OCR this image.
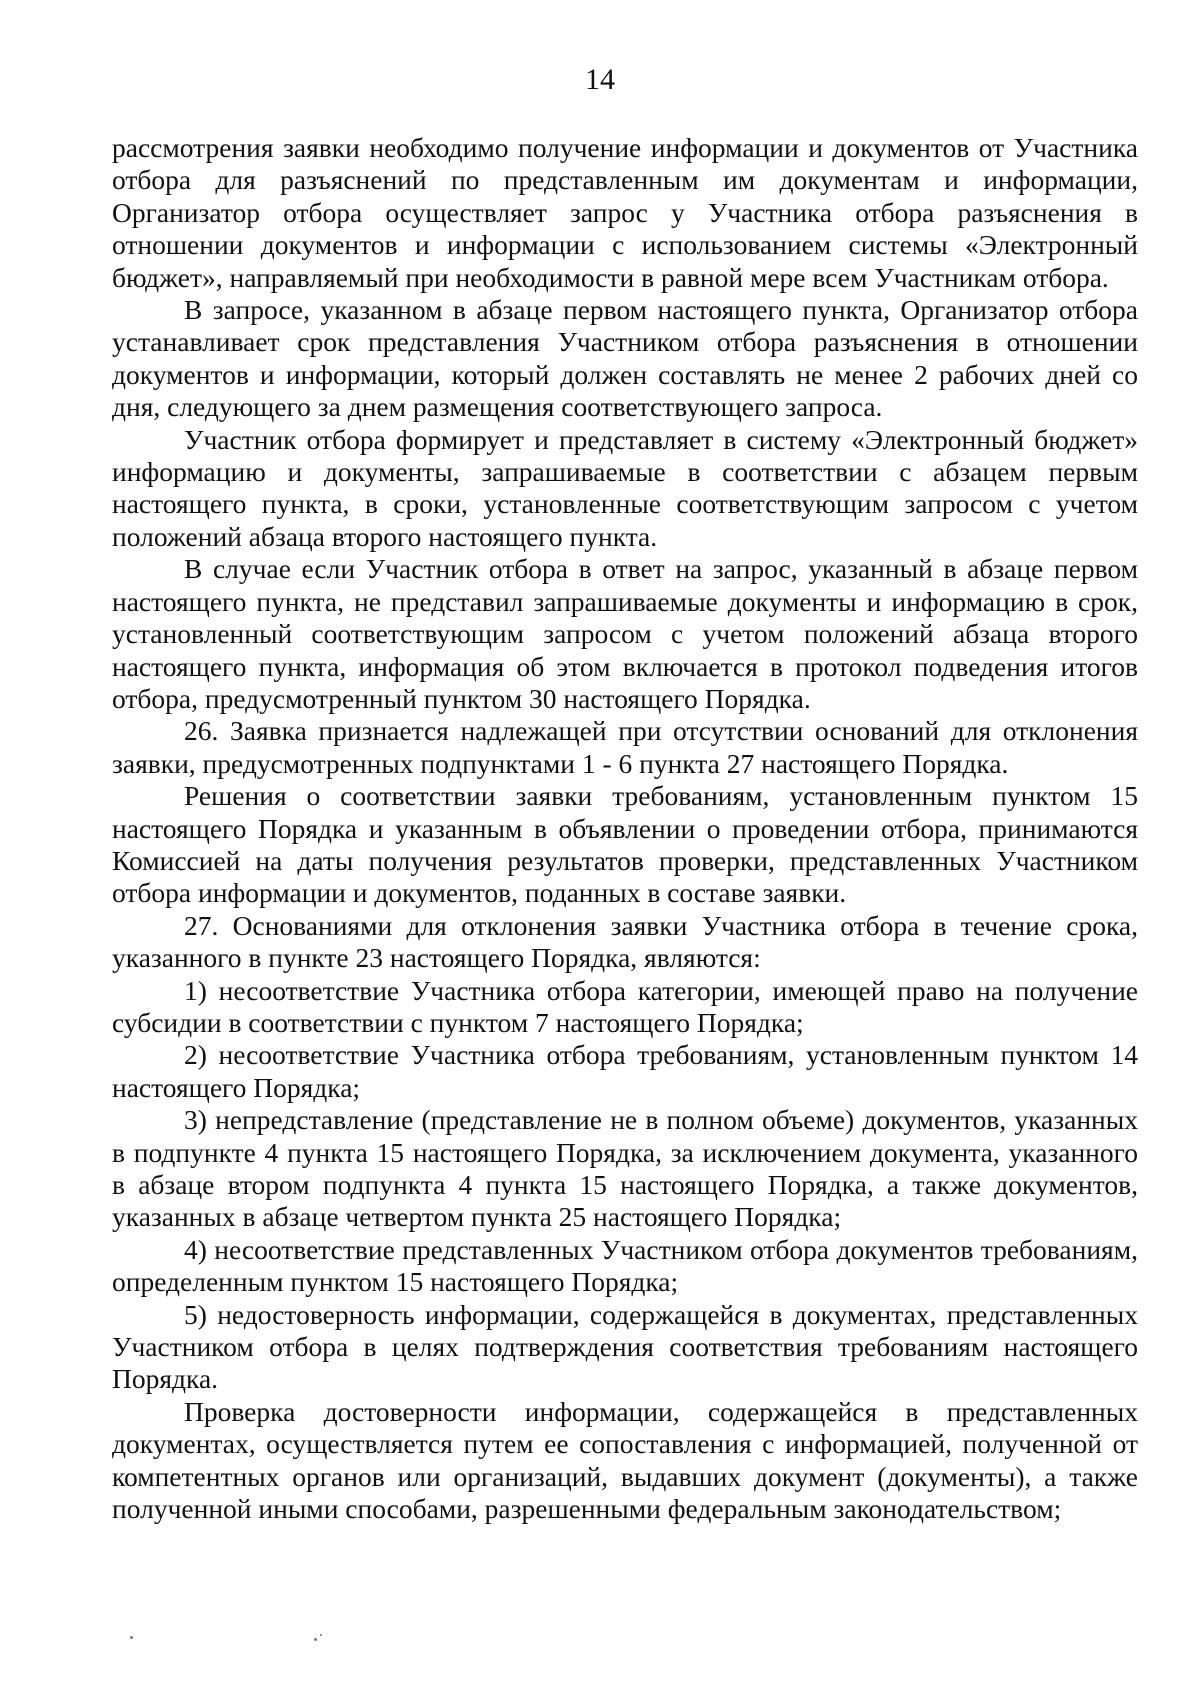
14

рассмотрения заявки необходимо получение информации и документов от Участника отбора для разъяснений по представленным им документам и информации, Организатор отбора осуществляет запрос у Участника отбора разъяснения в отношении документов и информации с использованием системы «Электронный бюджет», направляемый при необходимости в равной мере всем Участникам отбора.

В запросе, указанном в абзаце первом настоящего пункта, Организатор отбора устанавливает срок представления Участником отбора разъяснения в отношении документов и информации, который должен составлять не менее 2 рабочих дней со дня, следующего за днем размещения соответствующего запроса.

Участник отбора формирует и представляет в систему «Электронный бюджет» информацию и документы, запрашиваемые в соответствии с абзацем первым настоящего пункта, в сроки, установленные соответствующим запросом с учетом положений абзаца второго настоящего пункта.

В случае если Участник отбора в ответ на запрос, указанный в абзаце первом настоящего пункта, не представил запрашиваемые документы и информацию в срок, установленный соответствующим запросом с учетом положений абзаца второго настоящего пункта, информация об этом включается в протокол подведения итогов отбора, предусмотренный пунктом 30 настоящего Порядка.

26. Заявка признается надлежащей при отсутствии оснований для отклонения заявки, предусмотренных подпунктами 1 - 6 пункта 27 настоящего Порядка.

Решения о соответствии заявки требованиям, установленным пунктом 15 настоящего Порядка и указанным в объявлении о проведении отбора, принимаются Комиссией на даты получения результатов проверки, представленных Участником отбора информации и документов, поданных в составе заявки.

27. Основаниями для отклонения заявки Участника отбора в течение срока, указанного в пункте 23 настоящего Порядка, являются:

1) несоответствие Участника отбора категории, имеющей право на получение субсидии в соответствии с пунктом 7 настоящего Порядка;

2) несоответствие Участника отбора требованиям, установленным пунктом 14 настоящего Порядка;

3) непредставление (представление не в полном объеме) документов, указанных в подпункте 4 пункта 15 настоящего Порядка, за исключением документа, указанного в абзаце втором подпункта 4 пункта 15 настоящего Порядка, а также документов, указанных в абзаце четвертом пункта 25 настоящего Порядка;

4) несоответствие представленных Участником отбора документов требованиям, определенным пунктом 15 настоящего Порядка;

5) недостоверность информации, содержащейся в документах, представленных Участником отбора в целях подтверждения соответствия требованиям настоящего Порядка.

Проверка достоверности информации, содержащейся в представленных документах, осуществляется путем ее сопоставления с информацией, полученной от компетентных органов или организаций, выдавших документ (документы), а также полученной иными способами, разрешенными федеральным законодательством;
